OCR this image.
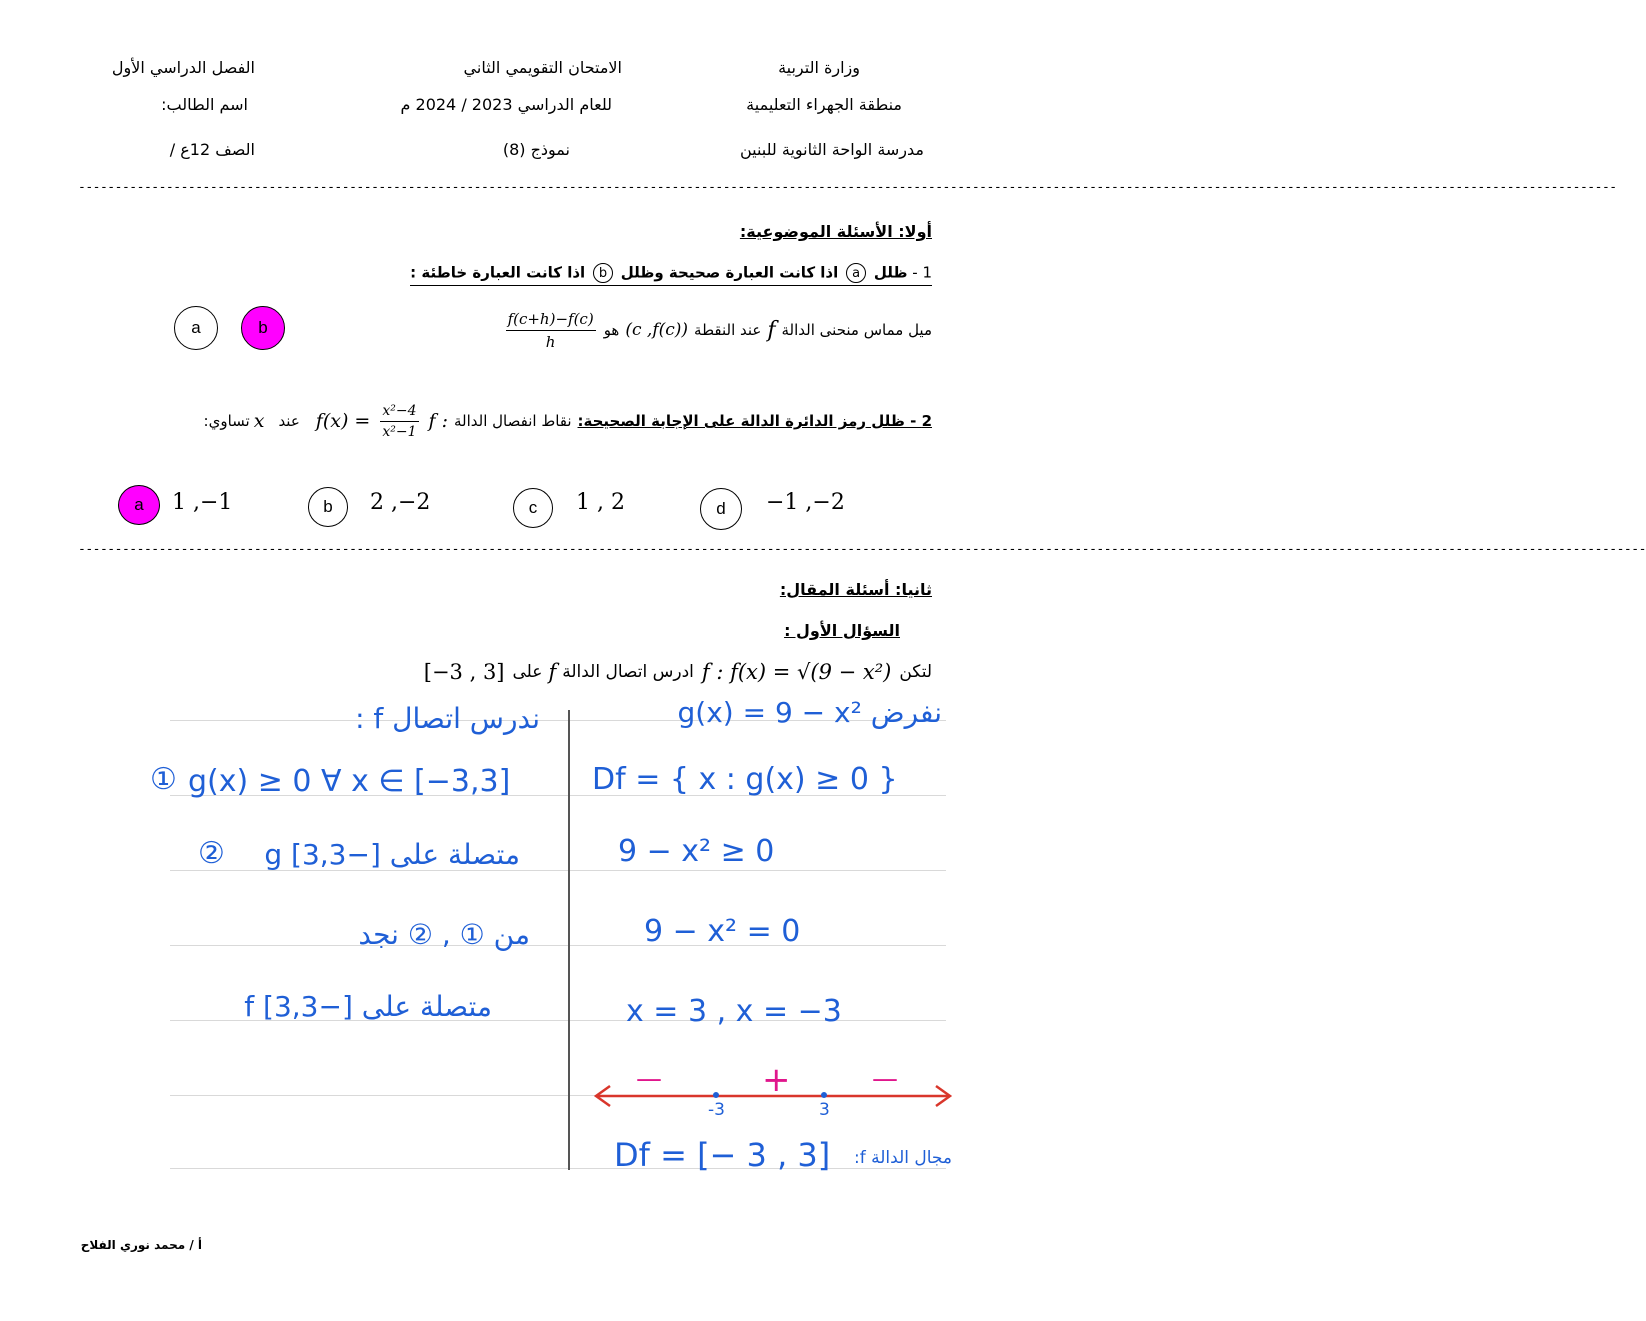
وزارة التربية
منطقة الجهراء التعليمية
مدرسة الواحة الثانوية للبنين
الامتحان التقويمي الثاني
للعام الدراسي 2023 / 2024 م
نموذج (8)
الفصل الدراسي الأول
اسم الطالب:
الصف 12ع /
------------------------------------------------------------------------------------------------------------------------------------------------------------------------------------------------------------------
أولا: الأسئلة الموضوعية:
1 - ظلل a اذا كانت العبارة صحيحة وظلل b اذا كانت العبارة خاطئة :
ميل مماس منحنى الدالة
f
عند النقطة
(c ,f(c))
هو
$\frac{f(c+h)-f(c)}{h}$
a	b
2 - ظلل رمز الدائرة الدالة على الإجابة الصحيحة:
نقاط انفصال الدالة
f :
$\frac{\text{x²−4}}{\text{x²−1}}$
f(x) =
عند
x
تساوي:
a	1 ,−1	b	2 ,−2	c	1 , 2	d	−1 ,−2
----------------------------------------------------------------------------------------------------------------------------------------------------------------------------------------------------------------------
ثانيا: أسئلة المقال:
السؤال الأول :
لتكن
f : f(x) = √(9 − x²)
ادرس اتصال الدالة
f
على
[−3 , 3]
ندرس اتصال f :
① g(x) ≥ 0 ∀ x ∈ [−3,3]
g متصلة على [−3,3]
②
من ① , ② نجد
f متصلة على [−3,3]
نفرض g(x) = 9 − x²
Df = { x : g(x) ≥ 0 }
9 − x² ≥ 0
9 − x² = 0
x = 3 , x = −3
—	+	—
-3	3
Df = [− 3 , 3] مجال الدالة f:
أ / محمد نوري الفلاح
